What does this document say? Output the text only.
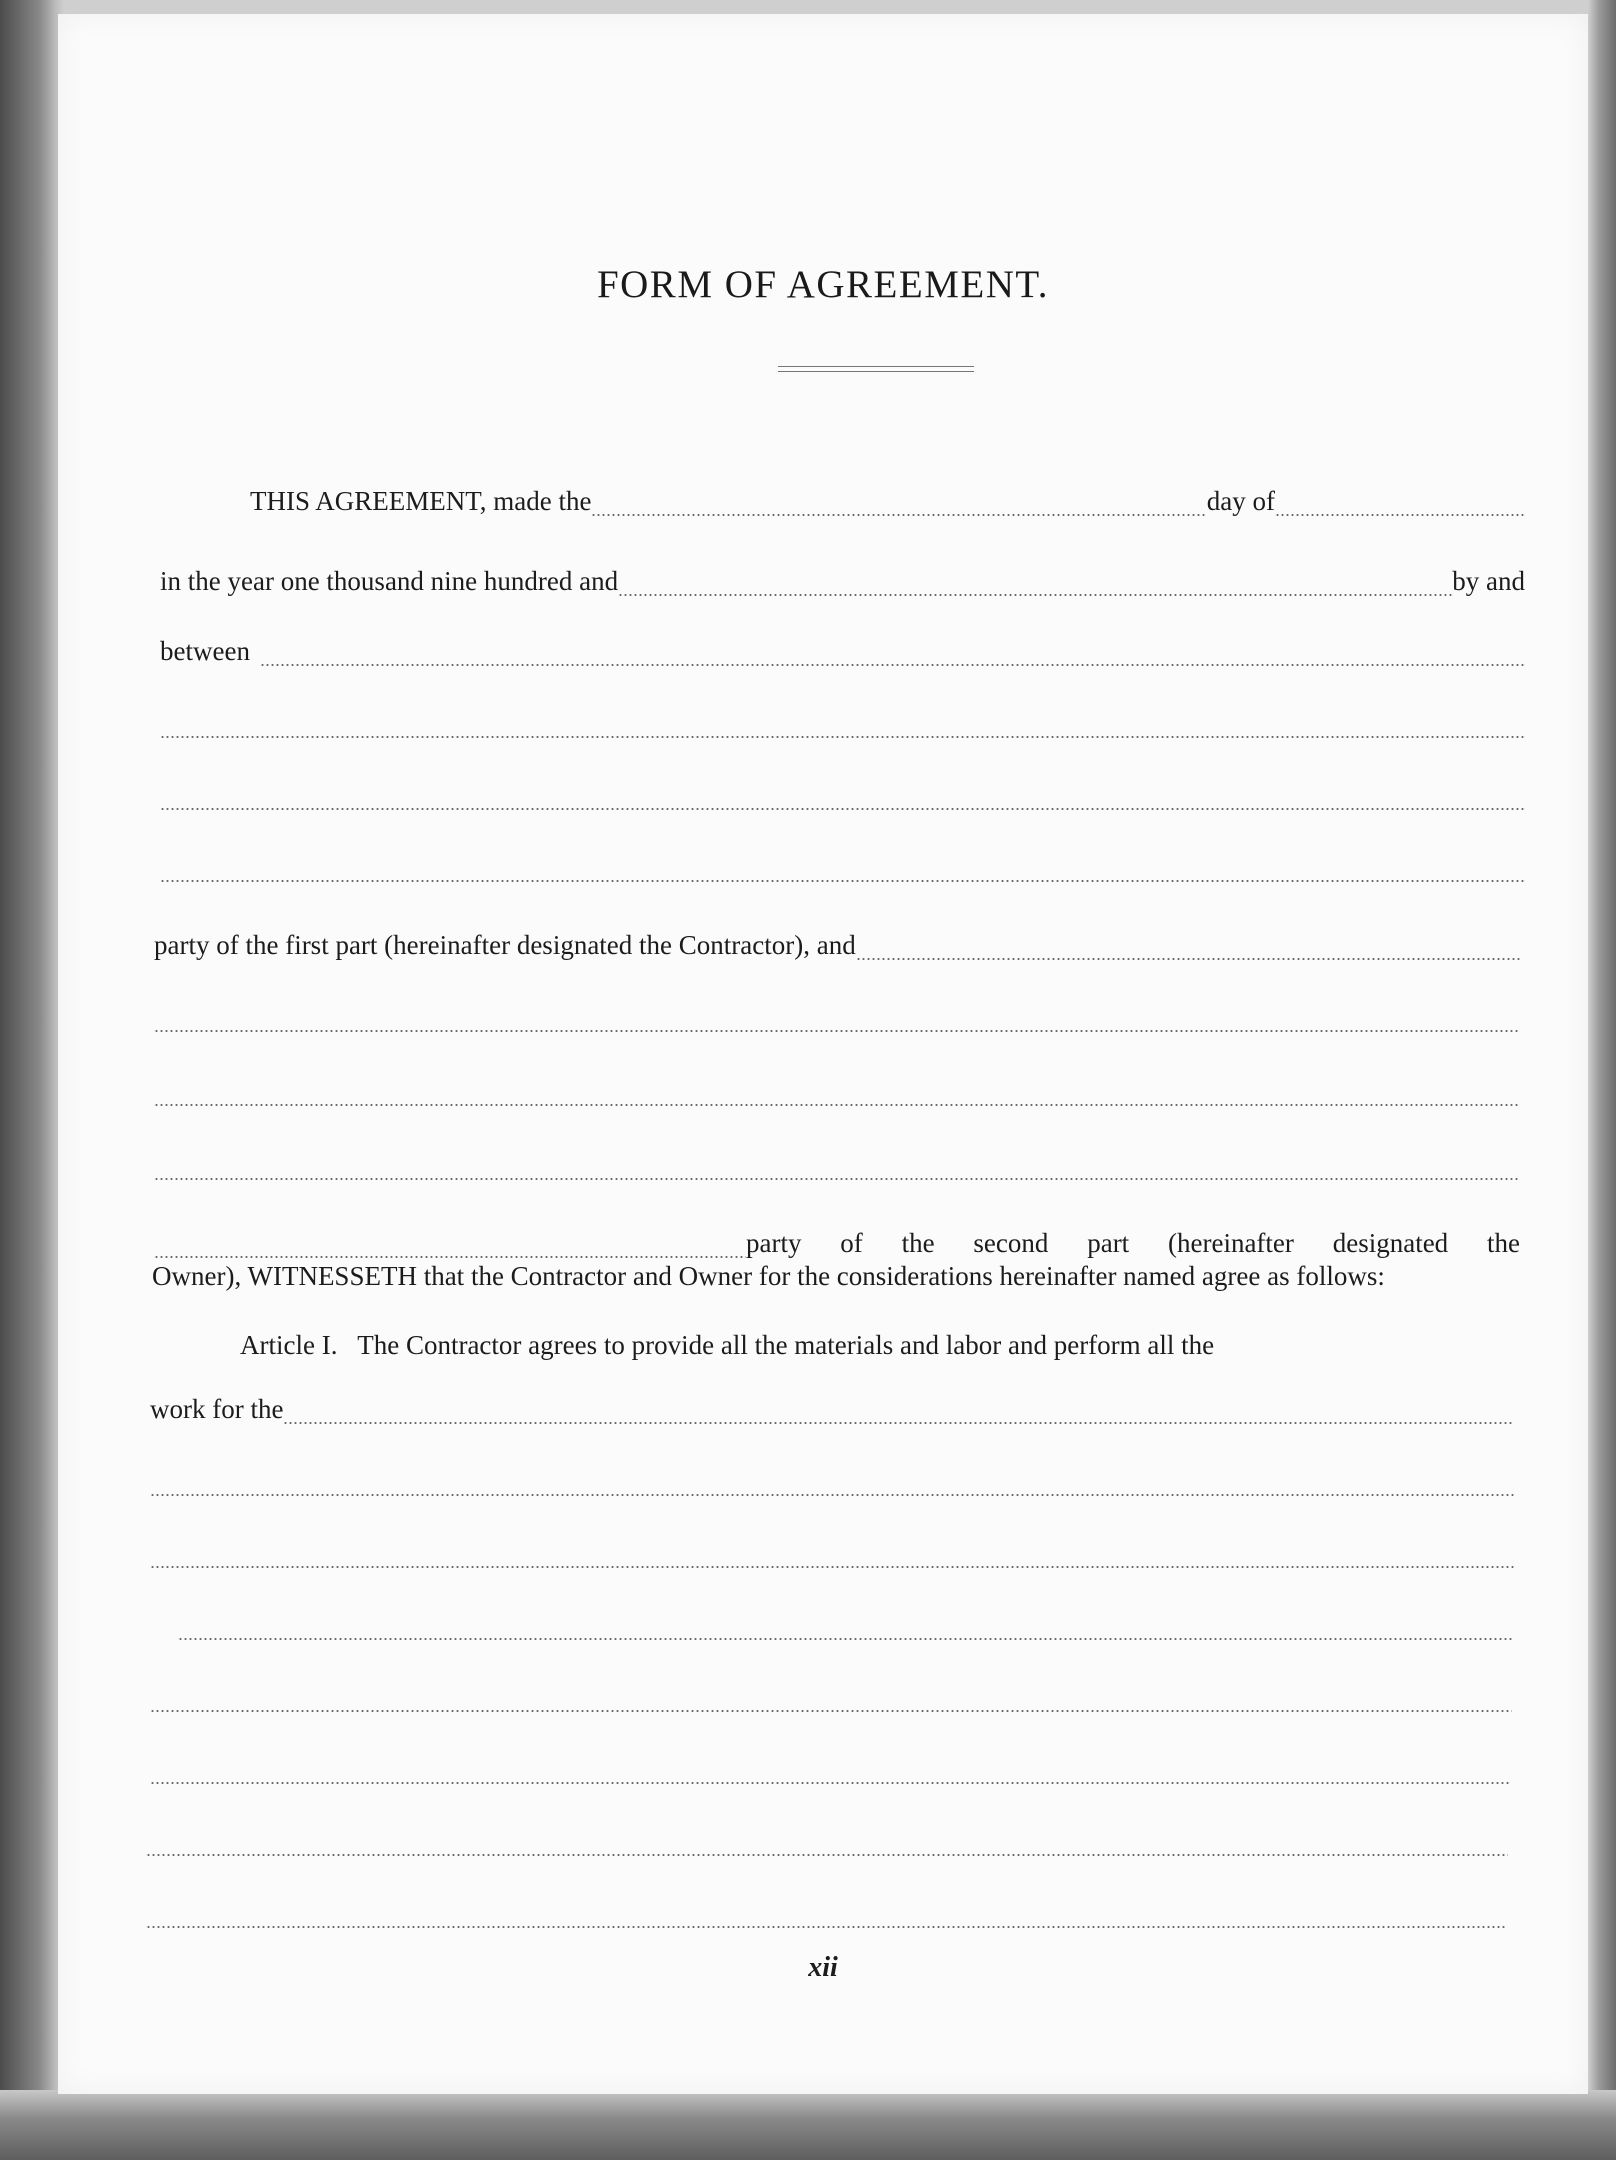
FORM OF AGREEMENT.
THIS AGREEMENT, made the	day of
in the year one thousand nine hundred and	by and
between
party of the first part (hereinafter designated the Contractor), and
party of the second part (hereinafter designated the
Owner), WITNESSETH that the Contractor and Owner for the considerations hereinafter named agree as follows:
Article I.   The Contractor agrees to provide all the materials and labor and perform all the
work for the
xii
